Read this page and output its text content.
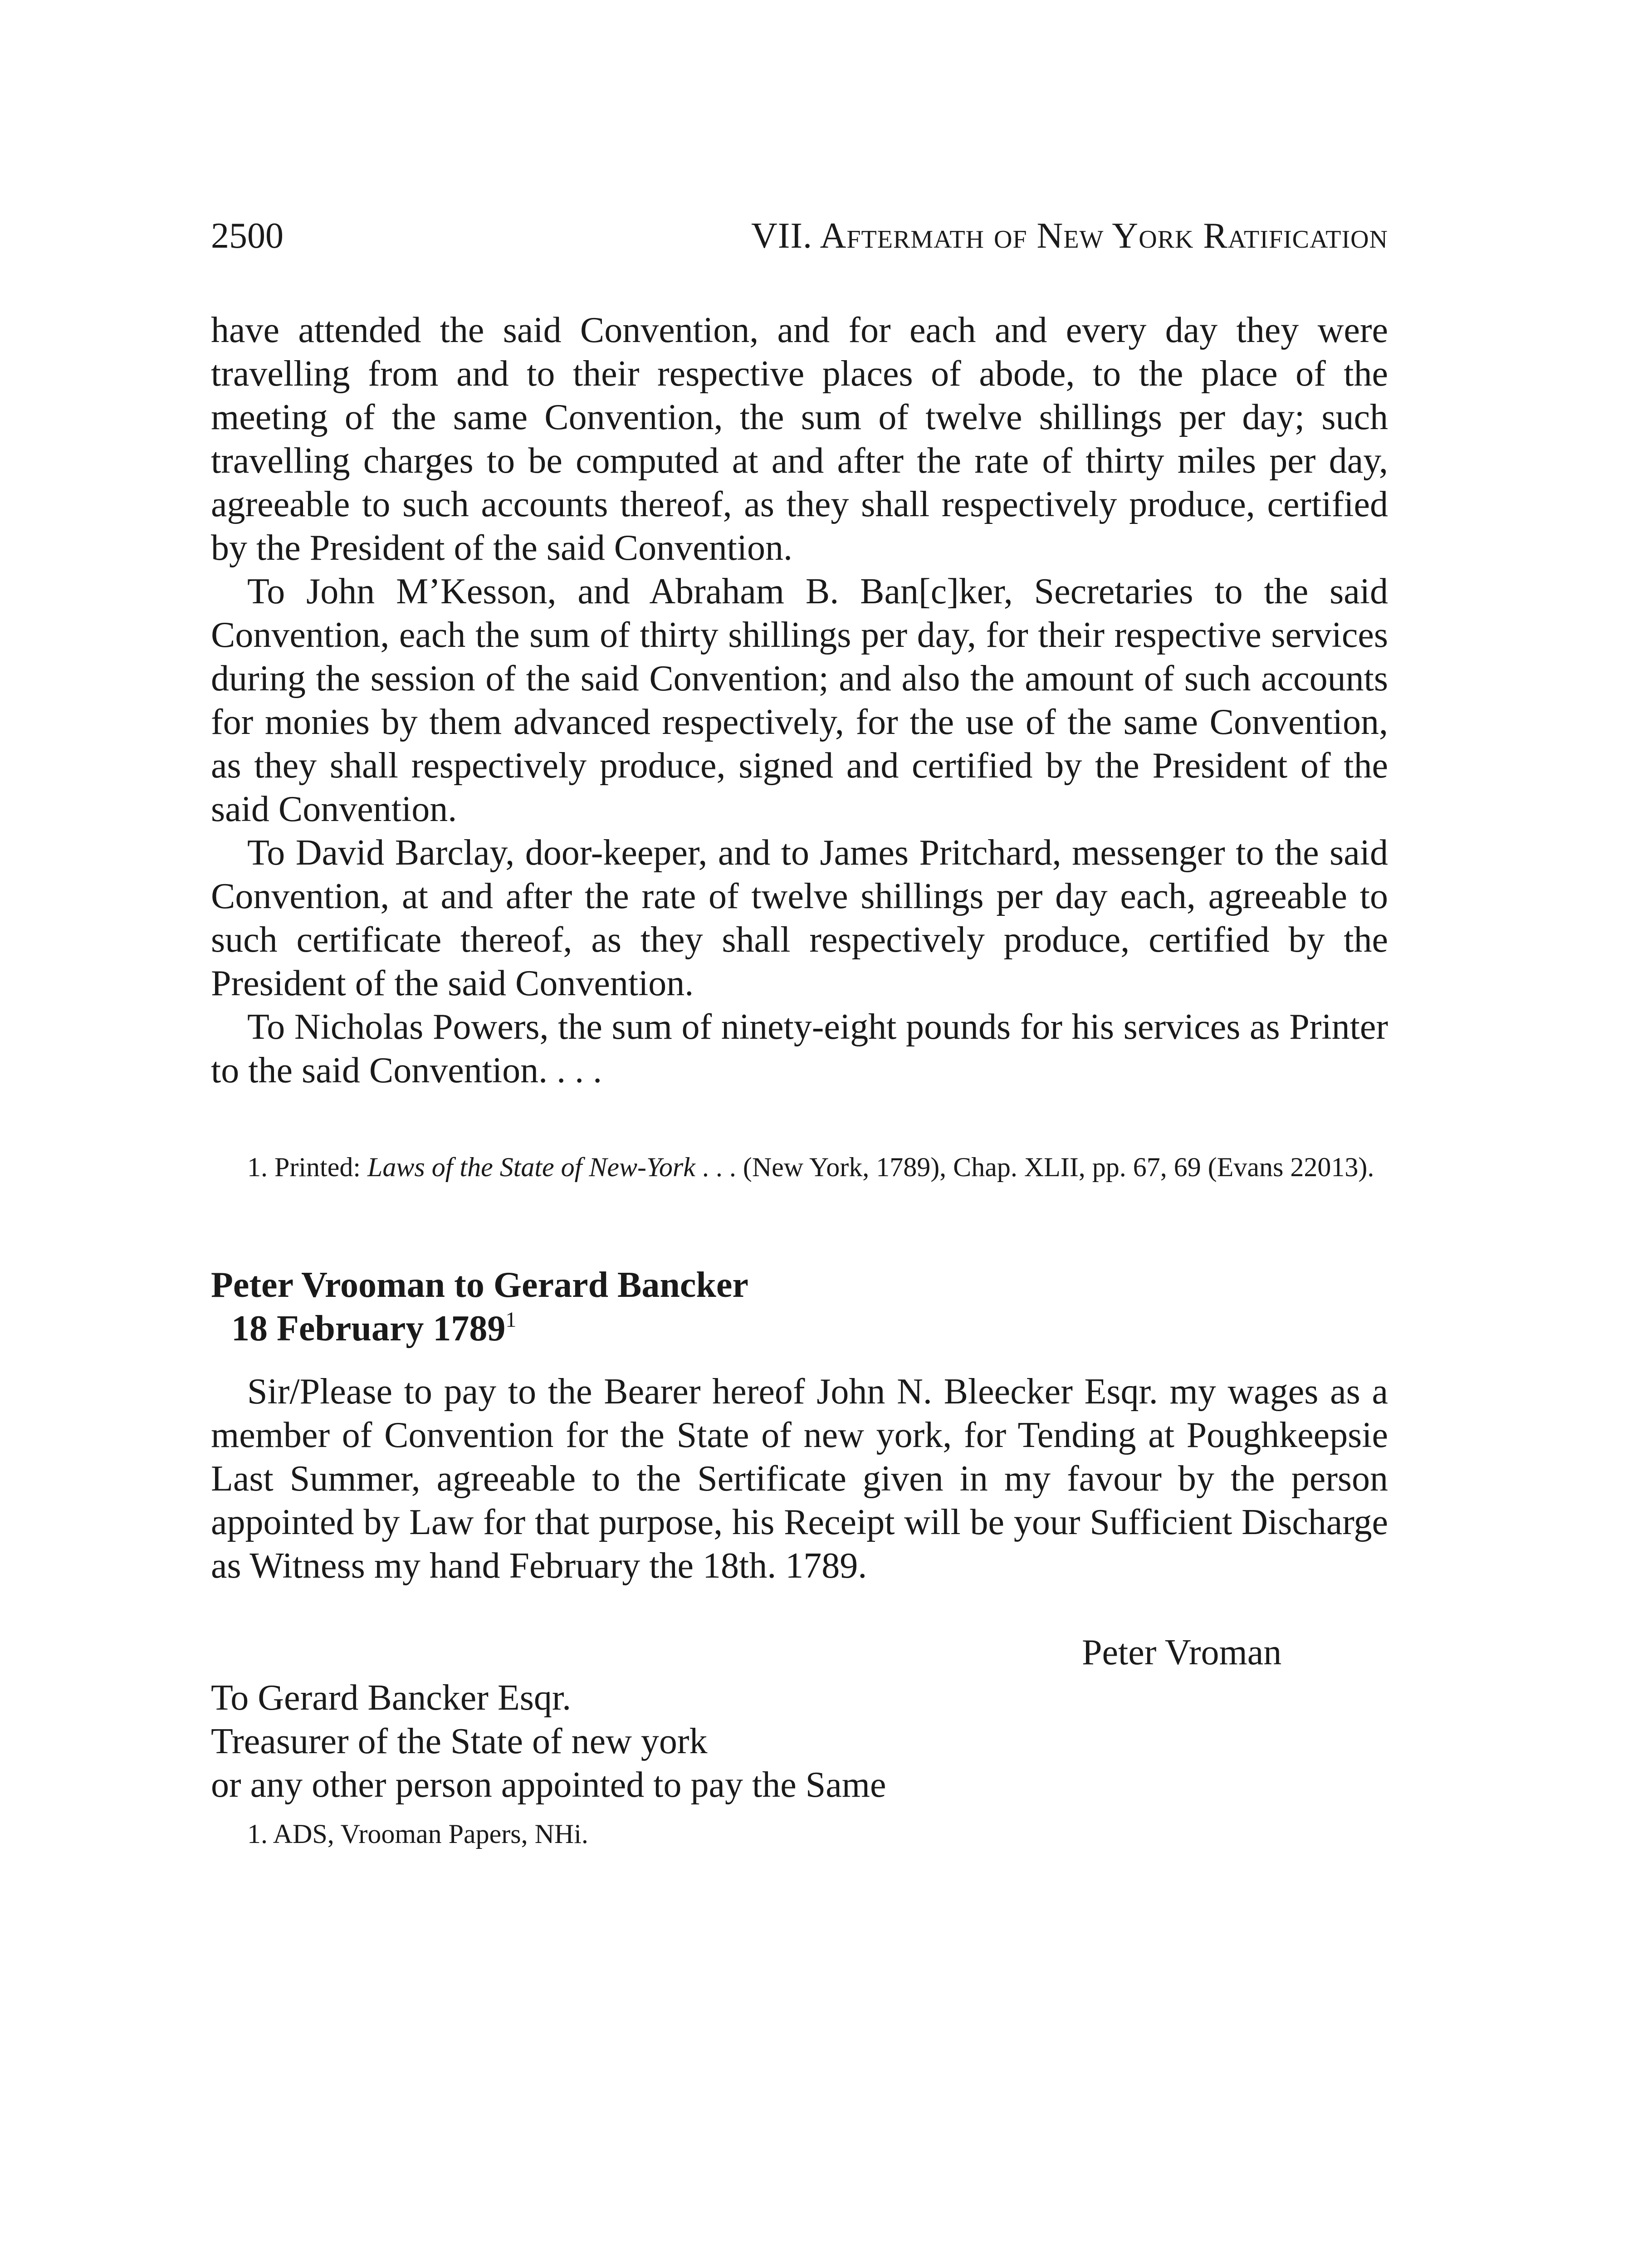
2500	VII. Aftermath of New York Ratification

have attended the said Convention, and for each and every day they were travelling from and to their respective places of abode, to the place of the meeting of the same Convention, the sum of twelve shillings per day; such travelling charges to be computed at and after the rate of thirty miles per day, agreeable to such accounts thereof, as they shall respectively produce, certified by the President of the said Convention.

To John M’Kesson, and Abraham B. Ban[c]ker, Secretaries to the said Convention, each the sum of thirty shillings per day, for their respective services during the session of the said Convention; and also the amount of such accounts for monies by them advanced respectively, for the use of the same Convention, as they shall respectively produce, signed and certified by the President of the said Convention.

To David Barclay, door-keeper, and to James Pritchard, messenger to the said Convention, at and after the rate of twelve shillings per day each, agreeable to such certificate thereof, as they shall respectively produce, certified by the President of the said Convention.

To Nicholas Powers, the sum of ninety-eight pounds for his services as Printer to the said Convention. . . .

1. Printed: Laws of the State of New-York . . . (New York, 1789), Chap. XLII, pp. 67, 69 (Evans 22013).
Peter Vrooman to Gerard Bancker
18 February 1789$^1$

Sir/Please to pay to the Bearer hereof John N. Bleecker Esqr. my wages as a member of Convention for the State of new york, for Tending at Poughkeepsie Last Summer, agreeable to the Sertificate given in my favour by the person appointed by Law for that purpose, his Receipt will be your Sufficient Discharge as Witness my hand February the 18th. 1789.

Peter Vroman
To Gerard Bancker Esqr.
Treasurer of the State of new york
or any other person appointed to pay the Same
1. ADS, Vrooman Papers, NHi.
